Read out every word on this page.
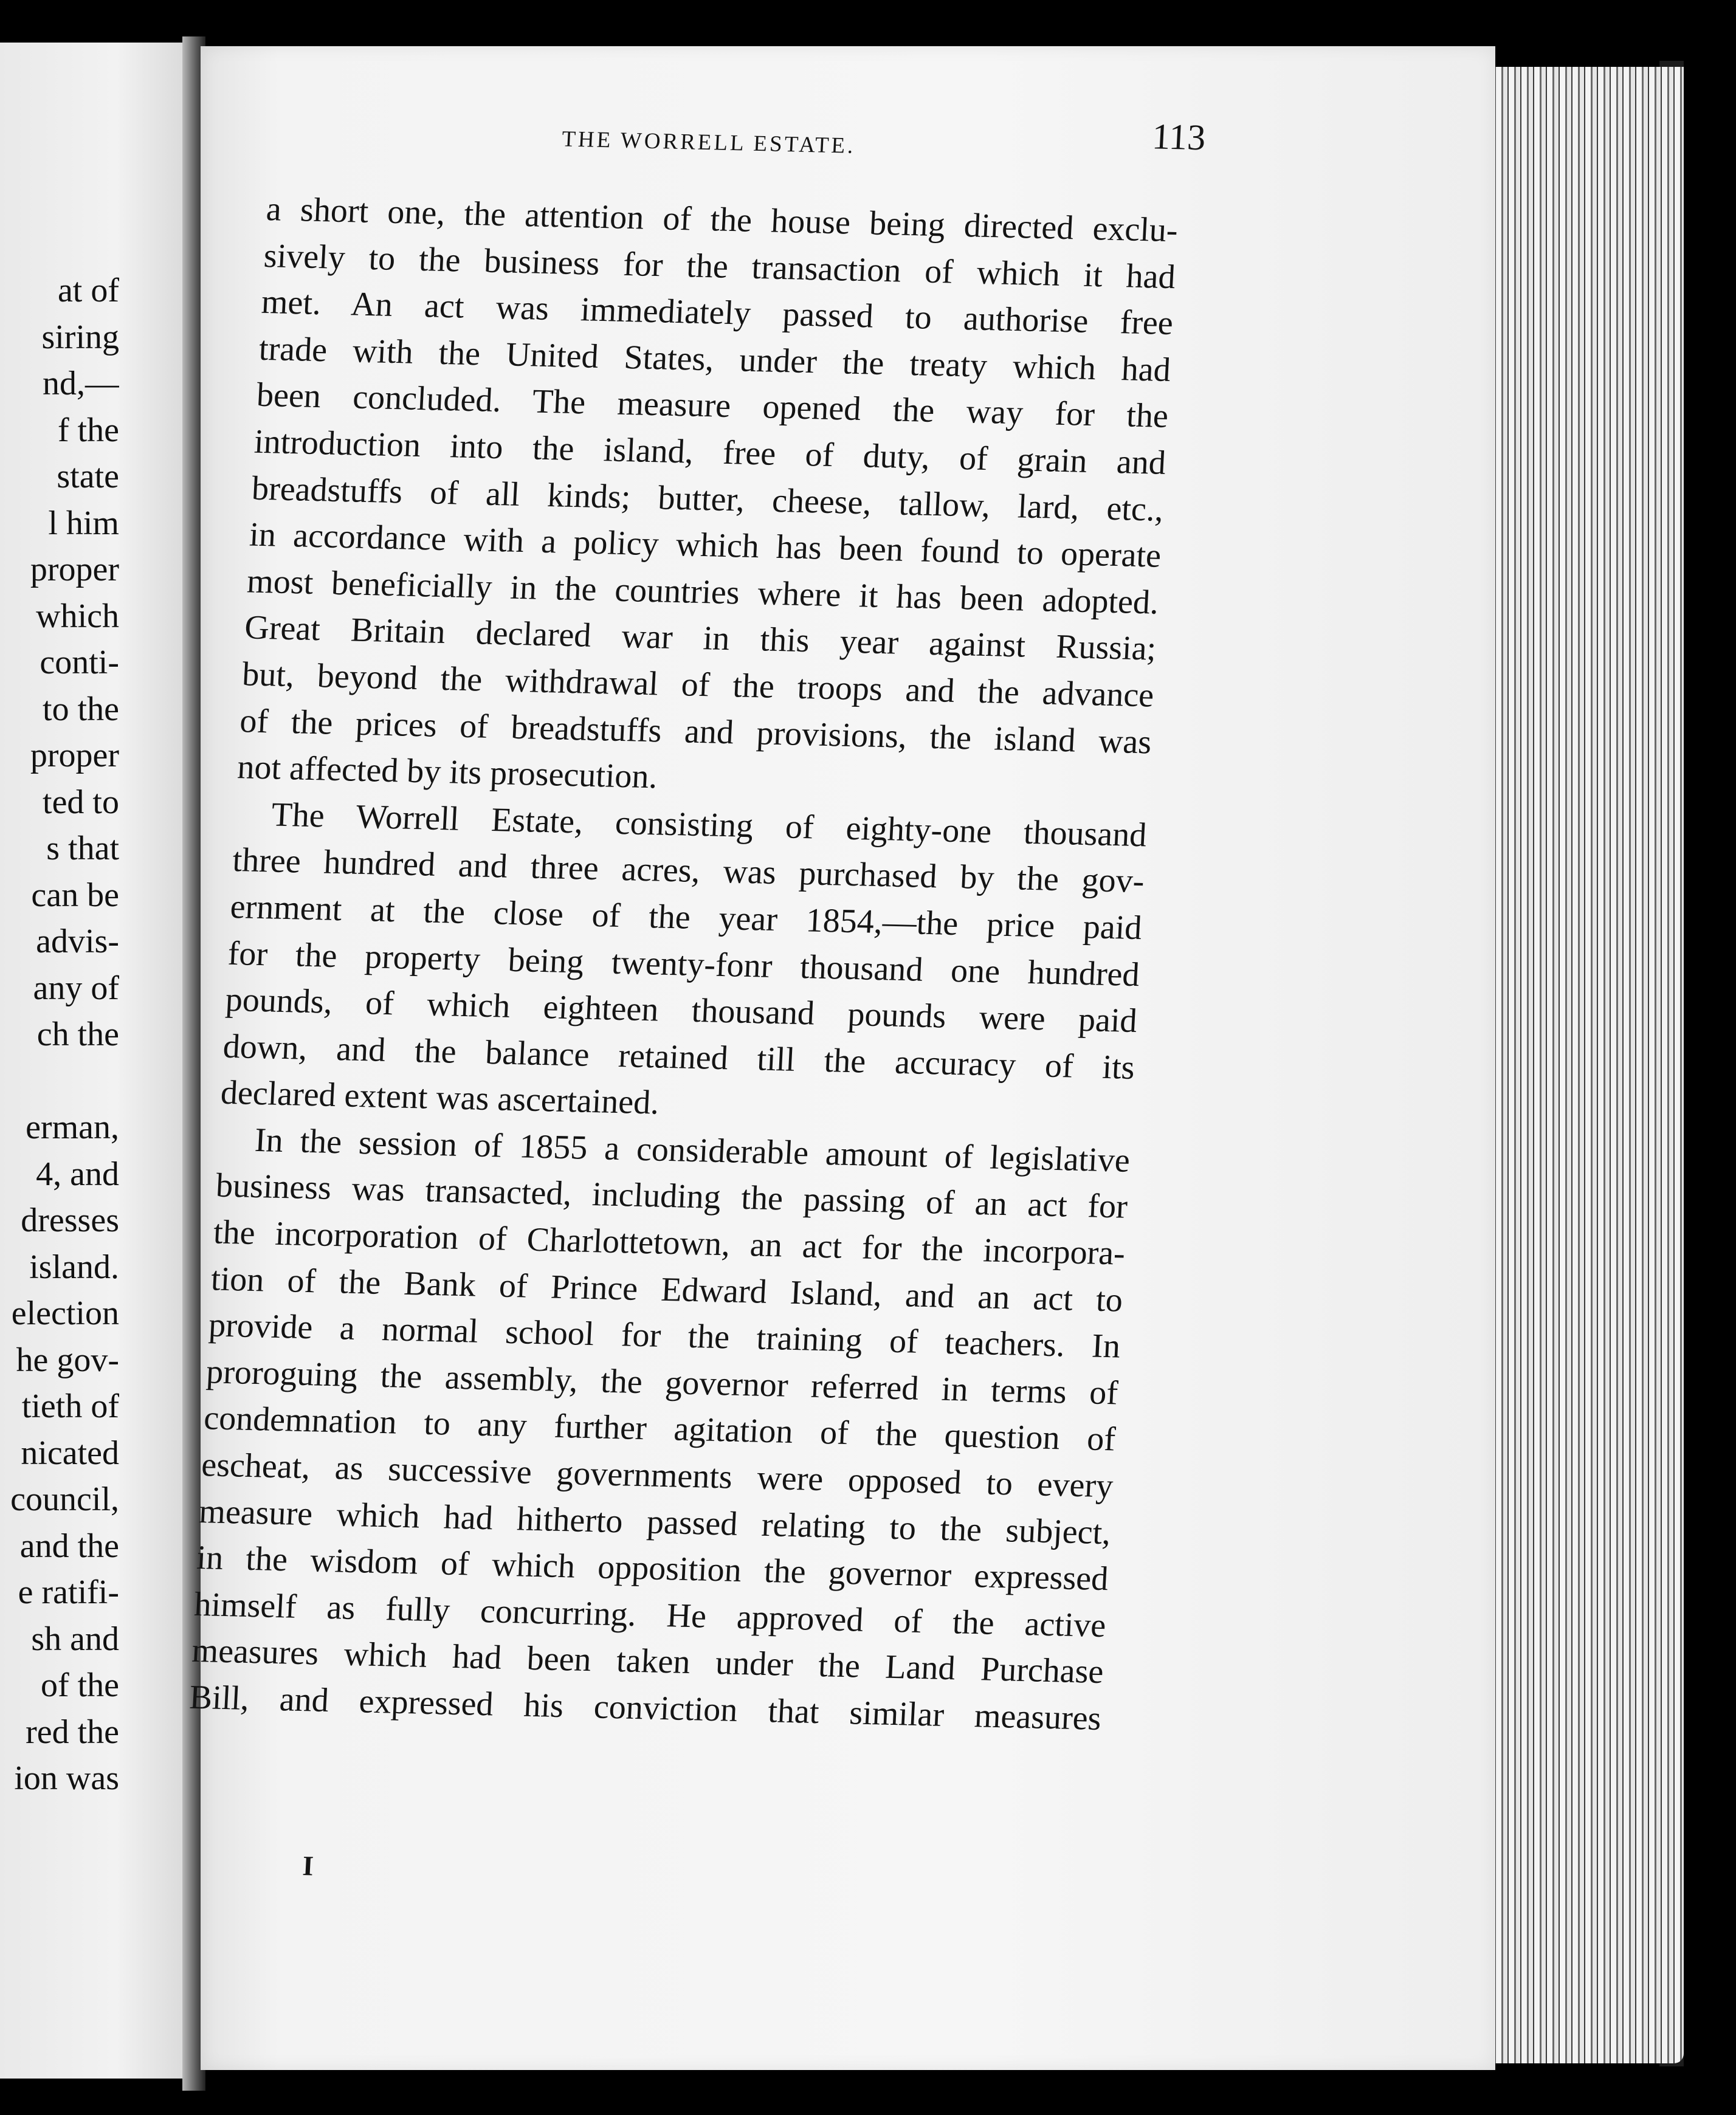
at of
siring
nd,—
f the
state
l him
proper
which
conti-
to the
proper
ted to
s that
can be
advis-
any of
ch the
erman,
4, and
dresses
island.
election
he gov-
tieth of
nicated
council,
and the
e ratifi-
sh and
of the
red the
ion was
THE WORRELL ESTATE.	113
a short one, the attention of the house being directed exclu-
sively to the business for the transaction of which it had
met. An act was immediately passed to authorise free
trade with the United States, under the treaty which had
been concluded. The measure opened the way for the
introduction into the island, free of duty, of grain and
breadstuffs of all kinds; butter, cheese, tallow, lard, etc.,
in accordance with a policy which has been found to operate
most beneficially in the countries where it has been adopted.
Great Britain declared war in this year against Russia;
but, beyond the withdrawal of the troops and the advance
of the prices of breadstuffs and provisions, the island was
not affected by its prosecution.
The Worrell Estate, consisting of eighty-one thousand
three hundred and three acres, was purchased by the gov-
ernment at the close of the year 1854,—the price paid
for the property being twenty-fonr thousand one hundred
pounds, of which eighteen thousand pounds were paid
down, and the balance retained till the accuracy of its
declared extent was ascertained.
In the session of 1855 a considerable amount of legislative
business was transacted, including the passing of an act for
the incorporation of Charlottetown, an act for the incorpora-
tion of the Bank of Prince Edward Island, and an act to
provide a normal school for the training of teachers. In
proroguing the assembly, the governor referred in terms of
condemnation to any further agitation of the question of
escheat, as successive governments were opposed to every
measure which had hitherto passed relating to the subject,
in the wisdom of which opposition the governor expressed
himself as fully concurring. He approved of the active
measures which had been taken under the Land Purchase
Bill, and expressed his conviction that similar measures
I
